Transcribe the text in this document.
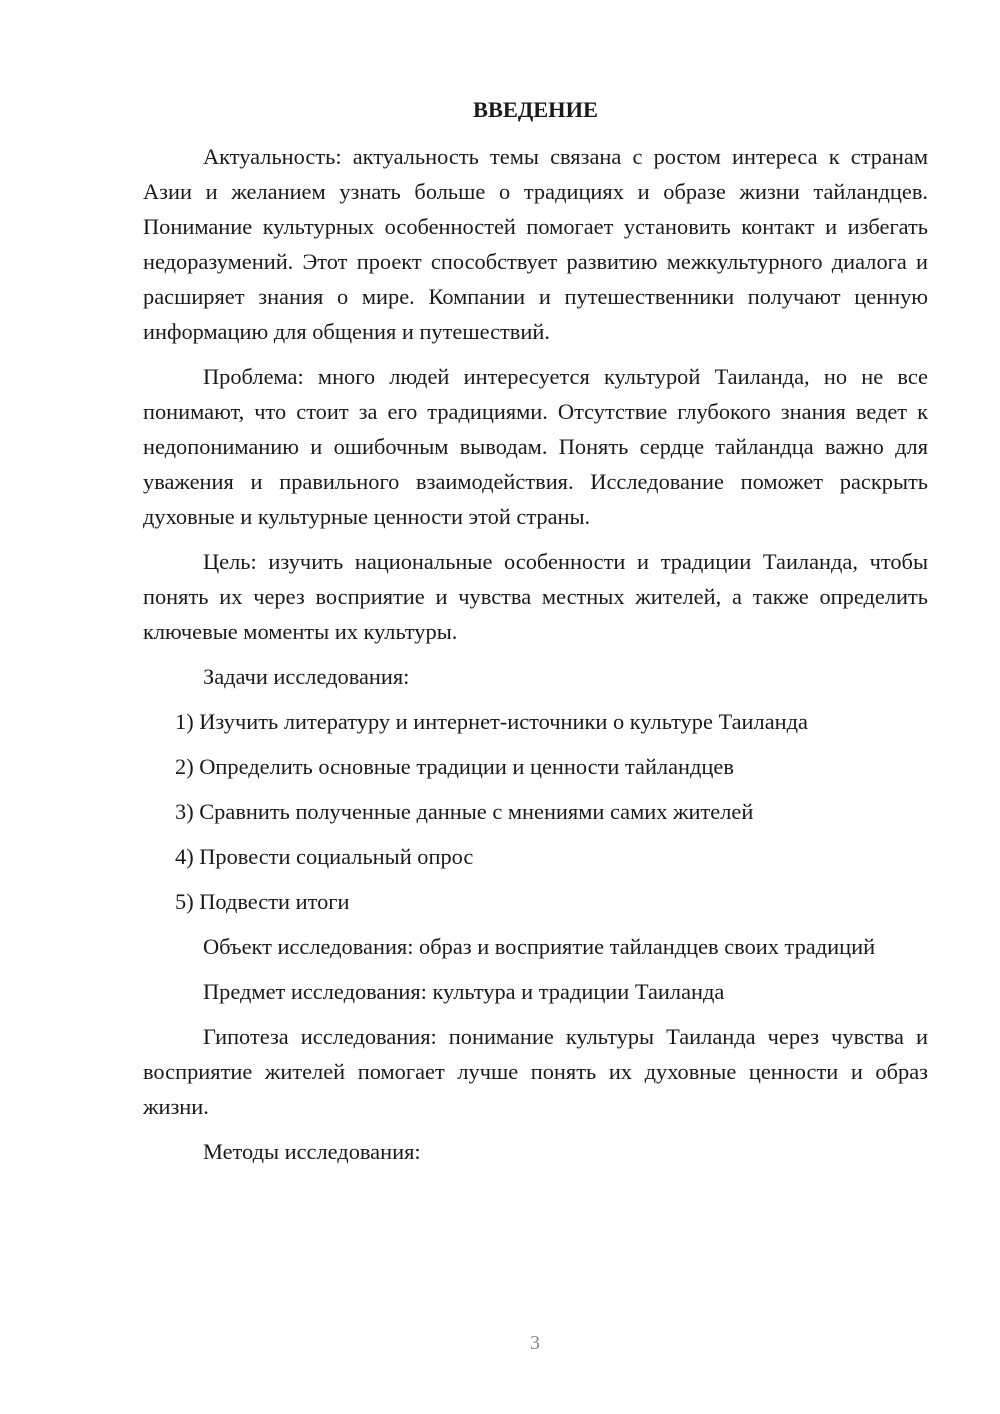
ВВЕДЕНИЕ

Актуальность: актуальность темы связана с ростом интереса к странам Азии и желанием узнать больше о традициях и образе жизни тайландцев. Понимание культурных особенностей помогает установить контакт и избегать недоразумений. Этот проект способствует развитию межкультурного диалога и расширяет знания о мире. Компании и путешественники получают ценную информацию для общения и путешествий.

Проблема: много людей интересуется культурой Таиланда, но не все понимают, что стоит за его традициями. Отсутствие глубокого знания ведет к недопониманию и ошибочным выводам. Понять сердце тайландца важно для уважения и правильного взаимодействия. Исследование поможет раскрыть духовные и культурные ценности этой страны.

Цель: изучить национальные особенности и традиции Таиланда, чтобы понять их через восприятие и чувства местных жителей, а также определить ключевые моменты их культуры.

Задачи исследования:

1) Изучить литературу и интернет-источники о культуре Таиланда
2) Определить основные традиции и ценности тайландцев
3) Сравнить полученные данные с мнениями самих жителей
4) Провести социальный опрос
5) Подвести итоги

Объект исследования: образ и восприятие тайландцев своих традиций

Предмет исследования: культура и традиции Таиланда

Гипотеза исследования: понимание культуры Таиланда через чувства и восприятие жителей помогает лучше понять их духовные ценности и образ жизни.

Методы исследования:

3
